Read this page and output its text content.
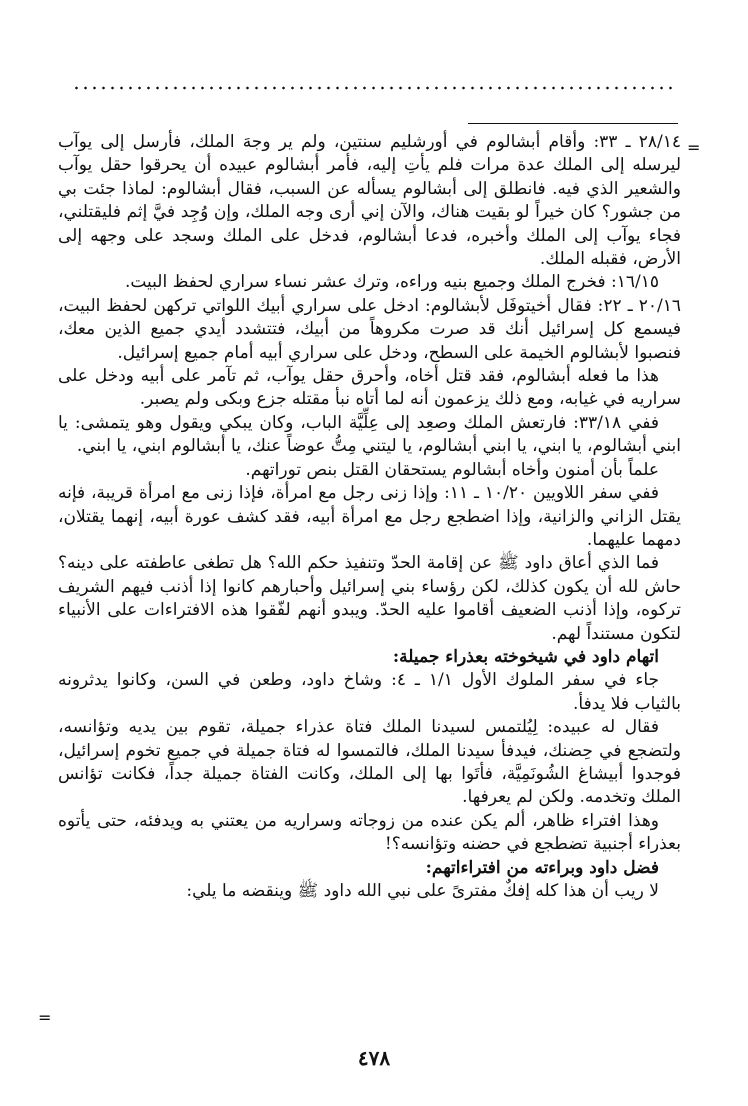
=
=

٢٨/١٤ ـ ٣٣: وأقام أبشالوم في أورشليم سنتين، ولم ير وجهَ الملك، فأرسل إلى يوآب ليرسله إلى الملك عدة مرات فلم يأتِ إليه، فأمر أبشالوم عبيده أن يحرقوا حقل يوآب والشعير الذي فيه. فانطلق إلى أبشالوم يسأله عن السبب، فقال أبشالوم: لماذا جئت بي من جشور؟ كان خيراً لو بقيت هناك، والآن إني أرى وجه الملك، وإن وُجِد فيَّ إثم فليقتلني، فجاء يوآب إلى الملك وأخبره، فدعا أبشالوم، فدخل على الملك وسجد على وجهه إلى الأرض، فقبله الملك.

١٦/١٥: فخرج الملك وجميع بنيه وراءه، وترك عشر نساء سراري لحفظ البيت.

٢٠/١٦ ـ ٢٢: فقال أخيتوفَل لأبشالوم: ادخل على سراري أبيك اللواتي تركهن لحفظ البيت، فيسمع كل إسرائيل أنك قد صرت مكروهاً من أبيك، فتتشدد أيدي جميع الذين معك، فنصبوا لأبشالوم الخيمة على السطح، ودخل على سراري أبيه أمام جميع إسرائيل.

هذا ما فعله أبشالوم، فقد قتل أخاه، وأحرق حقل يوآب، ثم تآمر على أبيه ودخل على سراريه في غيابه، ومع ذلك يزعمون أنه لما أتاه نبأ مقتله جزع وبكى ولم يصبر.

ففي ٣٣/١٨: فارتعش الملك وصعِد إلى عِلِّيَّة الباب، وكان يبكي ويقول وهو يتمشى: يا ابني أبشالوم، يا ابني، يا ابني أبشالوم، يا ليتني مِتُّ عوضاً عنك، يا أبشالوم ابني، يا ابني.

علماً بأن أمنون وأخاه أبشالوم يستحقان القتل بنص توراتهم.

ففي سفر اللاويين ١٠/٢٠ ـ ١١: وإذا زنى رجل مع امرأة، فإذا زنى مع امرأة قريبة، فإنه يقتل الزاني والزانية، وإذا اضطجع رجل مع امرأة أبيه، فقد كشف عورة أبيه، إنهما يقتلان، دمهما عليهما.

فما الذي أعاق داود ﷺ عن إقامة الحدّ وتنفيذ حكم الله؟ هل تطغى عاطفته على دينه؟ حاش لله أن يكون كذلك، لكن رؤساء بني إسرائيل وأحبارهم كانوا إذا أذنب فيهم الشريف تركوه، وإذا أذنب الضعيف أقاموا عليه الحدّ. ويبدو أنهم لفّقوا هذه الافتراءات على الأنبياء لتكون مستنداً لهم.

اتهام داود في شيخوخته بعذراء جميلة:

جاء في سفر الملوك الأول ١/١ ـ ٤: وشاخ داود، وطعن في السن، وكانوا يدثرونه بالثياب فلا يدفأ.

فقال له عبيده: لِيُلتمس لسيدنا الملك فتاة عذراء جميلة، تقوم بين يديه وتؤانسه، ولتضجع في حِضنك، فيدفأ سيدنا الملك، فالتمسوا له فتاة جميلة في جميع تخوم إسرائيل، فوجدوا أبيشاغ الشُونَمِيَّة، فأتَوا بها إلى الملك، وكانت الفتاة جميلة جداً، فكانت تؤانس الملك وتخدمه. ولكن لم يعرفها.

وهذا افتراء ظاهر، ألم يكن عنده من زوجاته وسراريه من يعتني به ويدفئه، حتى يأتوه بعذراء أجنبية تضطجع في حضنه وتؤانسه؟!

فضل داود وبراءته من افتراءاتهم:

لا ريب أن هذا كله إفكٌ مفترىً على نبي الله داود ﷺ وينقضه ما يلي:

٤٧٨
